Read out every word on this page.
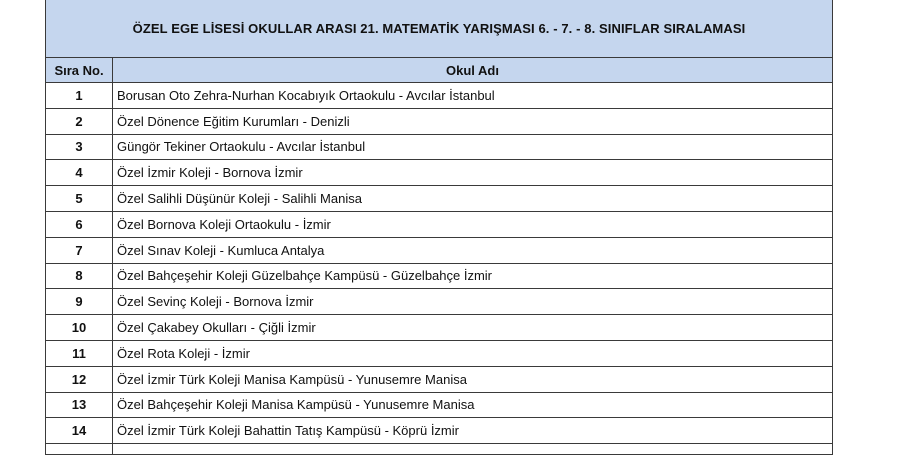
ÖZEL EGE LİSESİ OKULLAR ARASI 21. MATEMATİK YARIŞMASI 6. - 7. - 8. SINIFLAR SIRALAMASI	
Sıra No.	Okul Adı
1	Borusan Oto Zehra-Nurhan Kocabıyık Ortaokulu - Avcılar İstanbul
2	Özel Dönence Eğitim Kurumları - Denizli
3	Güngör Tekiner Ortaokulu - Avcılar İstanbul
4	Özel İzmir Koleji - Bornova İzmir
5	Özel Salihli Düşünür Koleji - Salihli Manisa
6	Özel Bornova Koleji Ortaokulu - İzmir
7	Özel Sınav Koleji - Kumluca Antalya
8	Özel Bahçeşehir Koleji Güzelbahçe Kampüsü - Güzelbahçe İzmir
9	Özel Sevinç Koleji - Bornova İzmir
10	Özel Çakabey Okulları - Çiğli İzmir
11	Özel Rota Koleji - İzmir
12	Özel İzmir Türk Koleji Manisa Kampüsü - Yunusemre Manisa
13	Özel Bahçeşehir Koleji Manisa Kampüsü - Yunusemre Manisa
14	Özel İzmir Türk Koleji Bahattin Tatış Kampüsü - Köprü İzmir
